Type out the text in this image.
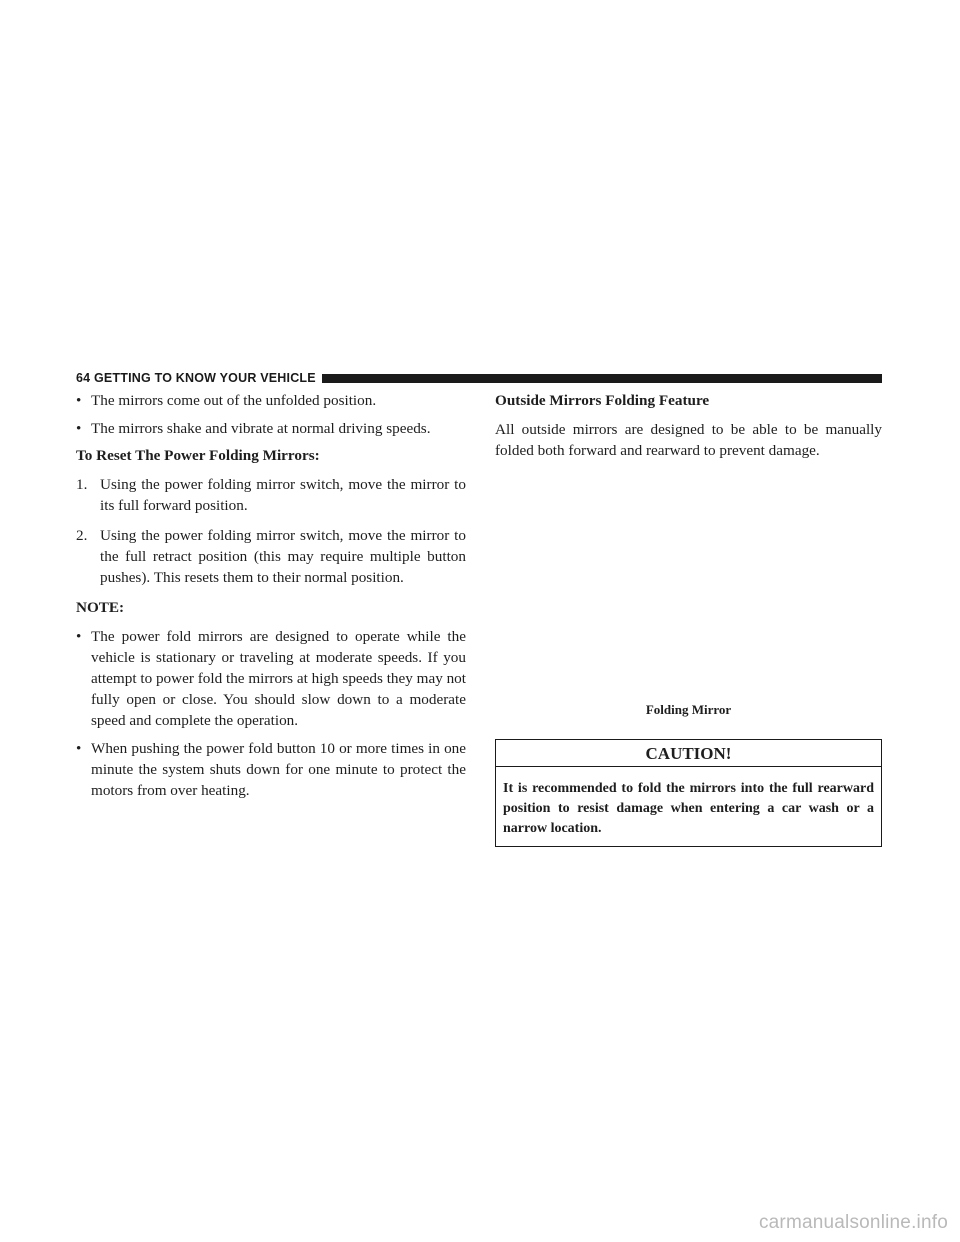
64 GETTING TO KNOW YOUR VEHICLE
• The mirrors come out of the unfolded position.
• The mirrors shake and vibrate at normal driving speeds.

To Reset The Power Folding Mirrors:

1. Using the power folding mirror switch, move the mirror to its full forward position.
2. Using the power folding mirror switch, move the mirror to the full retract position (this may require multiple button pushes). This resets them to their normal position.

NOTE:

• The power fold mirrors are designed to operate while the vehicle is stationary or traveling at moderate speeds. If you attempt to power fold the mirrors at high speeds they may not fully open or close. You should slow down to a moderate speed and complete the operation.
• When pushing the power fold button 10 or more times in one minute the system shuts down for one minute to protect the motors from over heating.

Outside Mirrors Folding Feature

All outside mirrors are designed to be able to be manually folded both forward and rearward to prevent damage.

Folding Mirror
CAUTION!
It is recommended to fold the mirrors into the full rearward position to resist damage when entering a car wash or a narrow location.
carmanualsonline.info
